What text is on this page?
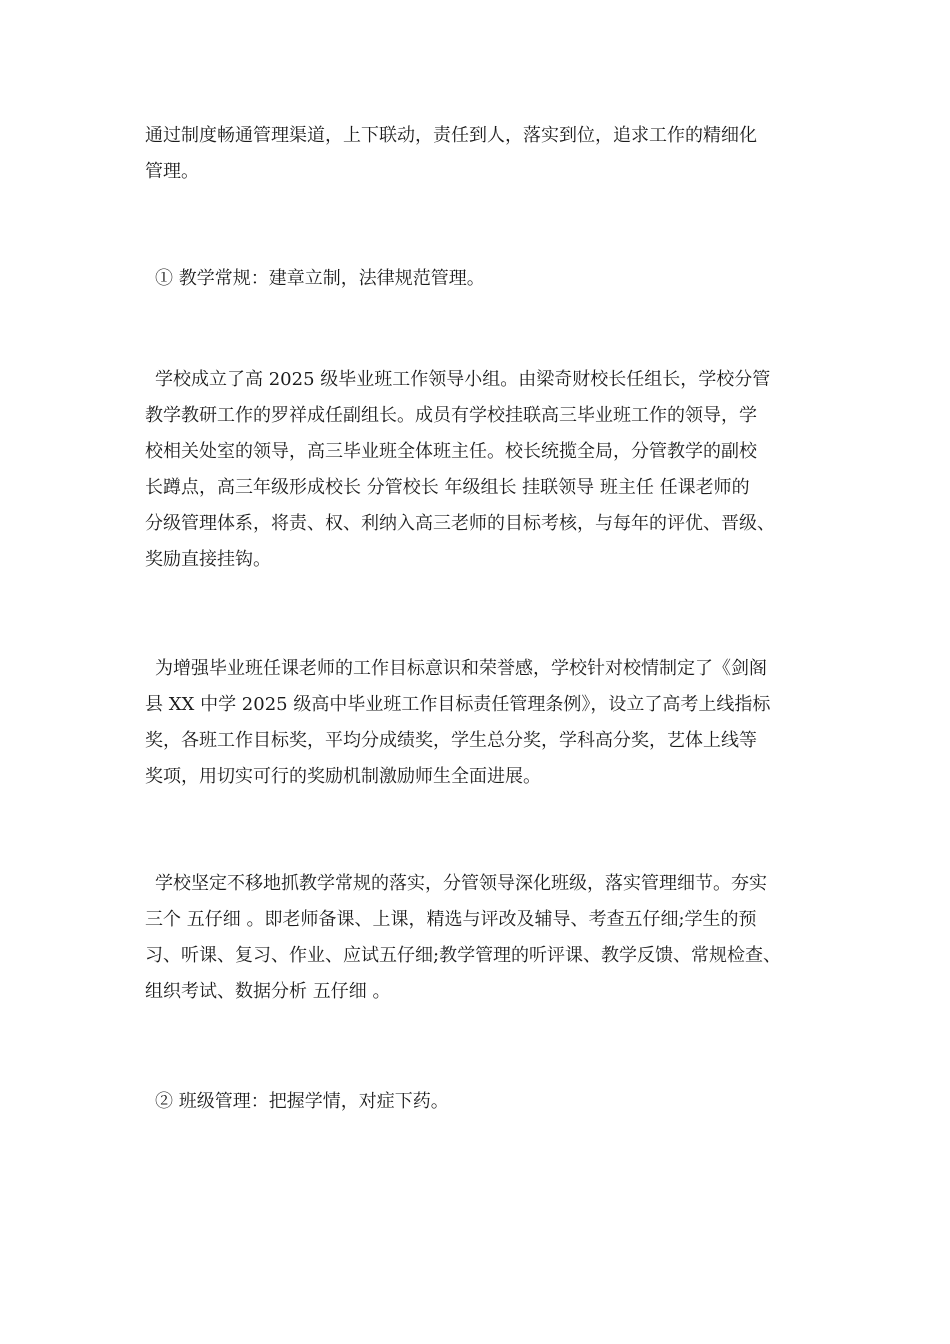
通过制度畅通管理渠道，上下联动，责任到人，落实到位，追求工作的精细化
管理。

① 教学常规：建章立制，法律规范管理。

学校成立了高 2025 级毕业班工作领导小组。由梁奇财校长任组长，学校分管
教学教研工作的罗祥成任副组长。成员有学校挂联高三毕业班工作的领导，学
校相关处室的领导，高三毕业班全体班主任。校长统揽全局，分管教学的副校
长蹲点，高三年级形成校长 分管校长 年级组长 挂联领导 班主任 任课老师的
分级管理体系，将责、权、利纳入高三老师的目标考核，与每年的评优、晋级、
奖励直接挂钩。

为增强毕业班任课老师的工作目标意识和荣誉感，学校针对校情制定了《剑阁
县 XX 中学 2025 级高中毕业班工作目标责任管理条例》，设立了高考上线指标
奖，各班工作目标奖，平均分成绩奖，学生总分奖，学科高分奖，艺体上线等
奖项，用切实可行的奖励机制激励师生全面进展。

学校坚定不移地抓教学常规的落实，分管领导深化班级，落实管理细节。夯实
三个 五仔细 。即老师备课、上课，精选与评改及辅导、考查五仔细;学生的预
习、听课、复习、作业、应试五仔细;教学管理的听评课、教学反馈、常规检查、
组织考试、数据分析 五仔细 。

② 班级管理：把握学情，对症下药。
